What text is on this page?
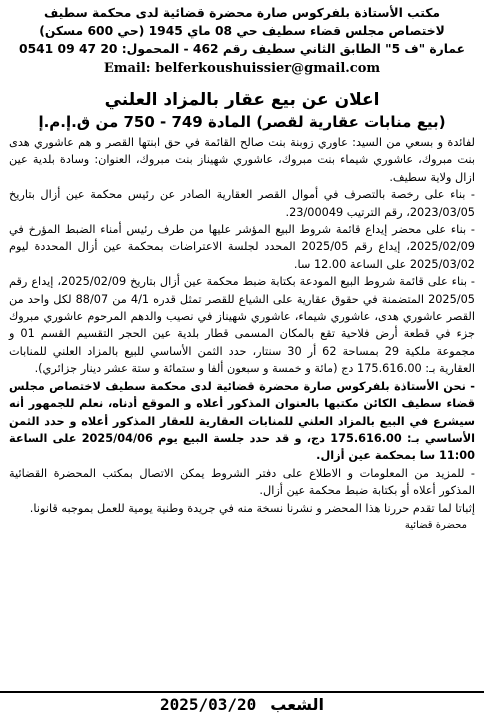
مكتب الأستاذة بلفركوس صارة محضرة قضائية لدى محكمة سطيف
لاختصاص مجلس قضاء سطيف حي 08 ماي 1945 (حي 600 مسكن)
عمارة "ف 5" الطابق الثاني سطيف رقم 462 - المحمول: 20 47 09 0541
Email: belferkoushuissier@gmail.com
اعلان عن بيع عقار بالمزاد العلني
(بيع منابات عقارية لقصر) المادة 749 - 750 من ق.إ.م.إ

لفائدة و بسعي من السيد: عاوري زوبنة بنت صالح القائمة في حق ابنتها القصر و هم عاشوري هدى بنت مبروك، عاشوري شيماء بنت مبروك، عاشوري شهيناز بنت مبروك، العنوان: وسادة بلدية عين ازال ولاية سطيف.

- بناء على رخصة بالتصرف في أموال القصر العقارية الصادر عن رئيس محكمة عين أزال بتاريخ 2023/03/05، رقم الترتيب 23/00049.

- بناء على محضر إيداع قائمة شروط البيع المؤشر عليها من طرف رئيس أمناء الضبط المؤرخ في 2025/02/09، إيداع رقم 2025/05 المحدد لجلسة الاعتراضات بمحكمة عين أزال المحددة ليوم 2025/03/02 على الساعة 12.00 سا.

- بناء على قائمة شروط البيع المودعة بكتابة ضبط محكمة عين أزال بتاريخ 2025/02/09، إيداع رقم 2025/05 المتضمنة في حقوق عقارية على الشياع للقصر تمثل قدره 4/1 من 88/07 لكل واحد من القصر عاشوري هدى، عاشوري شيماء، عاشوري شهيناز في نصيب والدهم المرحوم عاشوري مبروك جزء في قطعة أرض فلاحية تقع بالمكان المسمى قطار بلدية عين الحجر التقسيم القسم 01 و مجموعة ملكية 29 بمساحة 62 أر 30 سنتار، حدد الثمن الأساسي للبيع بالمزاد العلني للمنابات العقارية بـ: 175.616.00 دج (مائة و خمسة و سبعون ألفا و ستمائة و ستة عشر دينار جزائري).

- نحن الأستاذة بلفركوس صارة محضرة قضائية لدى محكمة سطيف لاختصاص مجلس قضاء سطيف الكائن مكتبها بالعنوان المذكور أعلاه و الموقع أدناه، نعلم للجمهور أنه سيشرع في البيع بالمزاد العلني للمنابات العقارية للعقار المذكور أعلاه و حدد الثمن الأساسي بـ: 175.616.00 دج، و قد حدد جلسة البيع يوم 2025/04/06 على الساعة 11:00 سا بمحكمة عين أزال.

- للمزيد من المعلومات و الاطلاع على دفتر الشروط يمكن الاتصال بمكتب المحضرة القضائية المذكور أعلاه أو بكتابة ضبط محكمة عين أزال.

إثباتا لما تقدم حررنا هذا المحضر و نشرنا نسخة منه في جريدة وطنية يومية للعمل بموجبه قانونا.

محضرة قضائية
الشعب
2025/03/20
